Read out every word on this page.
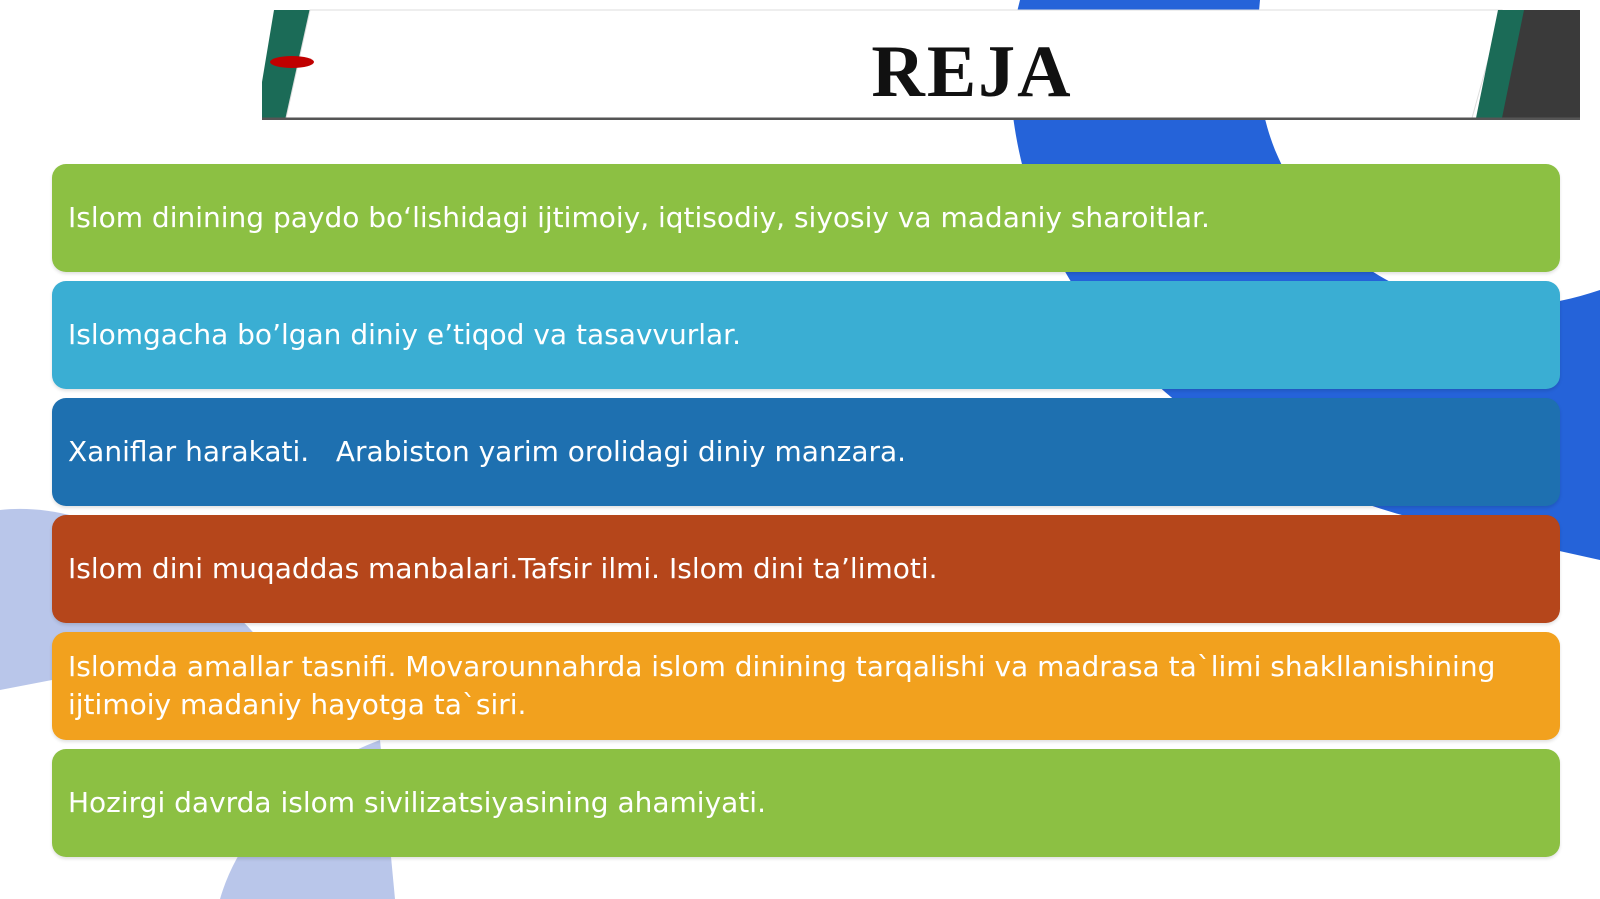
REJA
Islom dinining paydo bo‘lishidagi ijtimoiy, iqtisodiy, siyosiy va madaniy sharoitlar.
Islomgacha bo’lgan diniy e’tiqod va tasavvurlar.
Xaniflar harakati.   Arabiston yarim orolidagi diniy manzara.
Islom dini muqaddas manbalari.Tafsir ilmi. Islom dini ta’limoti.
Islomda amallar tasnifi. Movarounnahrda islom dinining tarqalishi va madrasa ta`limi shakllanishining ijtimoiy madaniy hayotga ta`siri.
Hozirgi davrda islom sivilizatsiyasining ahamiyati.
